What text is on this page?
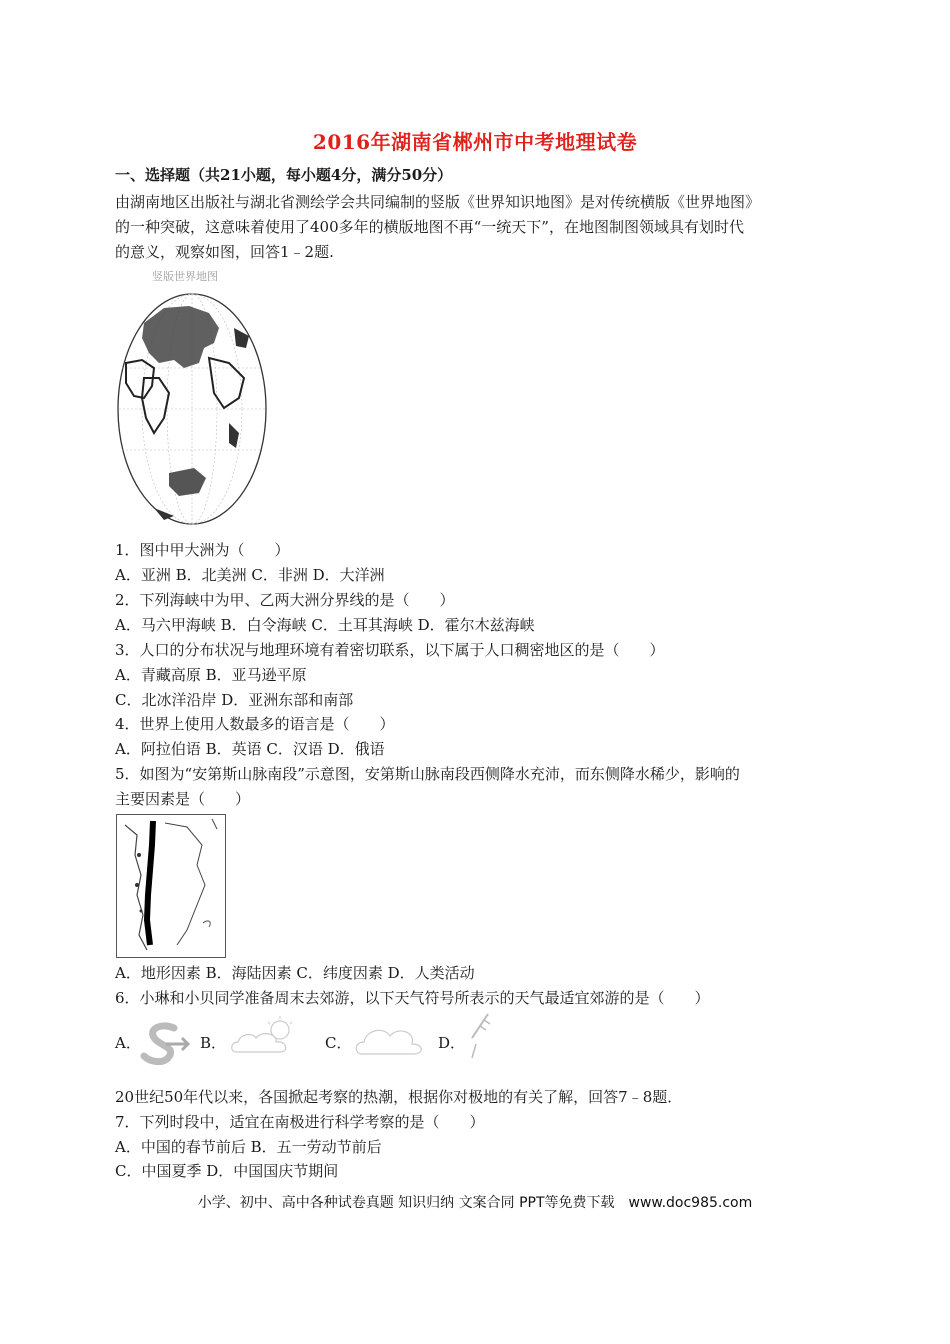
2016年湖南省郴州市中考地理试卷
一、选择题（共21小题，每小题4分，满分50分）
由湖南地区出版社与湖北省测绘学会共同编制的竖版《世界知识地图》是对传统横版《世界地图》
的一种突破，这意味着使用了400多年的横版地图不再“一统天下”，在地图制图领域具有划时代
的意义，观察如图，回答1﹣2题.
竖版世界地图
1．图中甲大洲为（　　）
A．亚洲 B．北美洲 C．非洲 D．大洋洲
2．下列海峡中为甲、乙两大洲分界线的是（　　）
A．马六甲海峡 B．白令海峡 C．土耳其海峡 D．霍尔木兹海峡
3．人口的分布状况与地理环境有着密切联系，以下属于人口稠密地区的是（　　）
A．青藏高原 B．亚马逊平原
C．北冰洋沿岸 D．亚洲东部和南部
4．世界上使用人数最多的语言是（　　）
A．阿拉伯语 B．英语 C．汉语 D．俄语
5．如图为“安第斯山脉南段”示意图，安第斯山脉南段西侧降水充沛，而东侧降水稀少，影响的
主要因素是（　　）
A．地形因素 B．海陆因素 C．纬度因素 D．人类活动
6．小琳和小贝同学准备周末去郊游，以下天气符号所表示的天气最适宜郊游的是（　　）
A．	B．	C．	D．
20世纪50年代以来，各国掀起考察的热潮，根据你对极地的有关了解，回答7﹣8题．
7．下列时段中，适宜在南极进行科学考察的是（　　）
A．中国的春节前后 B．五一劳动节前后
C．中国夏季 D．中国国庆节期间
小学、初中、高中各种试卷真题 知识归纳 文案合同 PPT等免费下载　www.doc985.com
